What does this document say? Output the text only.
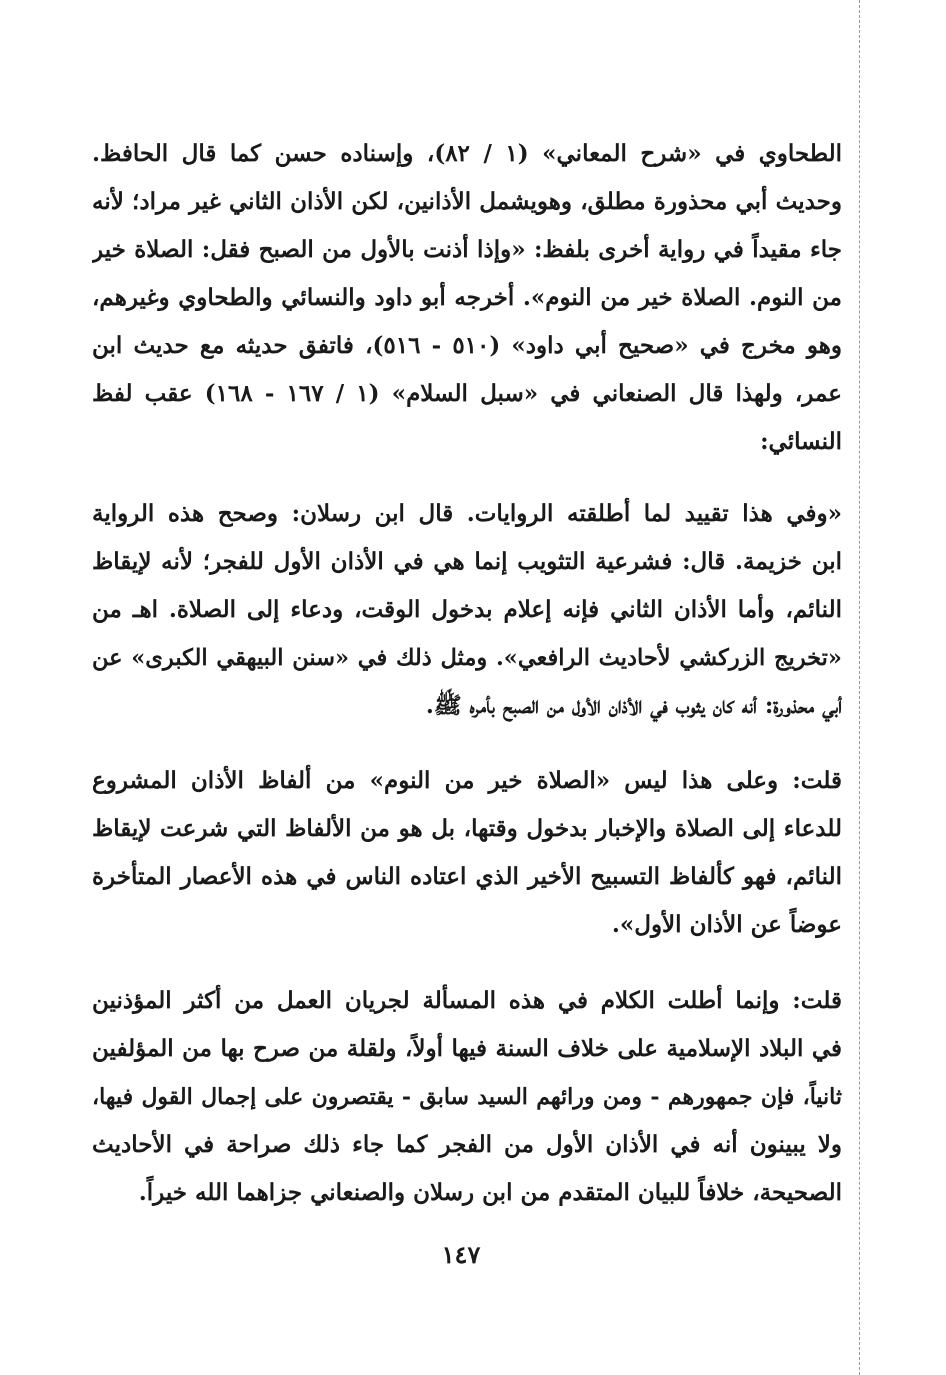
الطحاوي في «شرح المعاني» (١ / ٨٢)، وإسناده حسن كما قال الحافظ.
وحديث أبي محذورة مطلق، وهويشمل الأذانين، لكن الأذان الثاني غير مراد؛ لأنه
جاء مقيداً في رواية أخرى بلفظ: «وإذا أذنت بالأول من الصبح فقل: الصلاة خير
من النوم. الصلاة خير من النوم». أخرجه أبو داود والنسائي والطحاوي وغيرهم،
وهو مخرج في «صحيح أبي داود» (٥١٠ - ٥١٦)، فاتفق حديثه مع حديث ابن
عمر، ولهذا قال الصنعاني في «سبل السلام» (١ / ١٦٧ - ١٦٨) عقب لفظ
النسائي:
«وفي هذا تقييد لما أطلقته الروايات. قال ابن رسلان: وصحح هذه الرواية
ابن خزيمة. قال: فشرعية التثويب إنما هي في الأذان الأول للفجر؛ لأنه لإيقاظ
النائم، وأما الأذان الثاني فإنه إعلام بدخول الوقت، ودعاء إلى الصلاة. اهـ من
«تخريج الزركشي لأحاديث الرافعي». ومثل ذلك في «سنن البيهقي الكبرى» عن
أبي محذورة: أنه كان يثوب في الأذان الأول من الصبح بأمره ﷺ.
قلت: وعلى هذا ليس «الصلاة خير من النوم» من ألفاظ الأذان المشروع
للدعاء إلى الصلاة والإخبار بدخول وقتها، بل هو من الألفاظ التي شرعت لإيقاظ
النائم، فهو كألفاظ التسبيح الأخير الذي اعتاده الناس في هذه الأعصار المتأخرة
عوضاً عن الأذان الأول».
قلت: وإنما أطلت الكلام في هذه المسألة لجريان العمل من أكثر المؤذنين
في البلاد الإسلامية على خلاف السنة فيها أولاً، ولقلة من صرح بها من المؤلفين
ثانياً، فإن جمهورهم - ومن ورائهم السيد سابق - يقتصرون على إجمال القول فيها،
ولا يبينون أنه في الأذان الأول من الفجر كما جاء ذلك صراحة في الأحاديث
الصحيحة، خلافاً للبيان المتقدم من ابن رسلان والصنعاني جزاهما الله خيراً.
١٤٧
